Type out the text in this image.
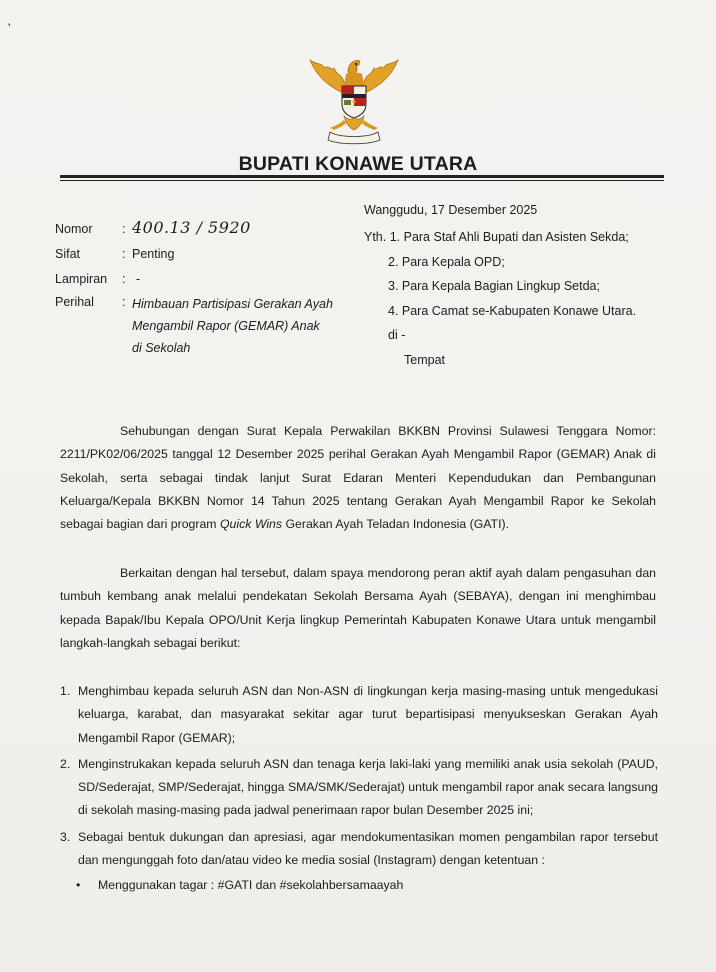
,
BUPATI KONAWE UTARA
Wanggudu, 17 Desember 2025
Nomor : 400.13 / 5920
Sifat	: Penting
Lampiran : -
Perihal : Himbauan Partisipasi Gerakan Ayah
Mengambil Rapor (GEMAR) Anak
di Sekolah
Yth. 1. Para Staf Ahli Bupati dan Asisten Sekda;
2. Para Kepala OPD;
3. Para Kepala Bagian Lingkup Setda;
4. Para Camat se-Kabupaten Konawe Utara.
di -
Tempat
Sehubungan dengan Surat Kepala Perwakilan BKKBN Provinsi Sulawesi Tenggara Nomor: 2211/PK02/06/2025 tanggal 12 Desember 2025 perihal Gerakan Ayah Mengambil Rapor (GEMAR) Anak di Sekolah, serta sebagai tindak lanjut Surat Edaran Menteri Kependudukan dan Pembangunan Keluarga/Kepala BKKBN Nomor 14 Tahun 2025 tentang Gerakan Ayah Mengambil Rapor ke Sekolah sebagai bagian dari program Quick Wins Gerakan Ayah Teladan Indonesia (GATI).
Berkaitan dengan hal tersebut, dalam spaya mendorong peran aktif ayah dalam pengasuhan dan tumbuh kembang anak melalui pendekatan Sekolah Bersama Ayah (SEBAYA), dengan ini menghimbau kepada Bapak/Ibu Kepala OPO/Unit Kerja lingkup Pemerintah Kabupaten Konawe Utara untuk mengambil langkah-langkah sebagai berikut:
1. Menghimbau kepada seluruh ASN dan Non-ASN di lingkungan kerja masing-masing untuk mengedukasi keluarga, karabat, dan masyarakat sekitar agar turut bepartisipasi menyukseskan Gerakan Ayah Mengambil Rapor (GEMAR);
2. Menginstrukakan kepada seluruh ASN dan tenaga kerja laki-laki yang memiliki anak usia sekolah (PAUD, SD/Sederajat, SMP/Sederajat, hingga SMA/SMK/Sederajat) untuk mengambil rapor anak secara langsung di sekolah masing-masing pada jadwal penerimaan rapor bulan Desember 2025 ini;
3. Sebagai bentuk dukungan dan apresiasi, agar mendokumentasikan momen pengambilan rapor tersebut dan mengunggah foto dan/atau video ke media sosial (Instagram) dengan ketentuan :
• Menggunakan tagar : #GATI dan #sekolahbersamaayah
